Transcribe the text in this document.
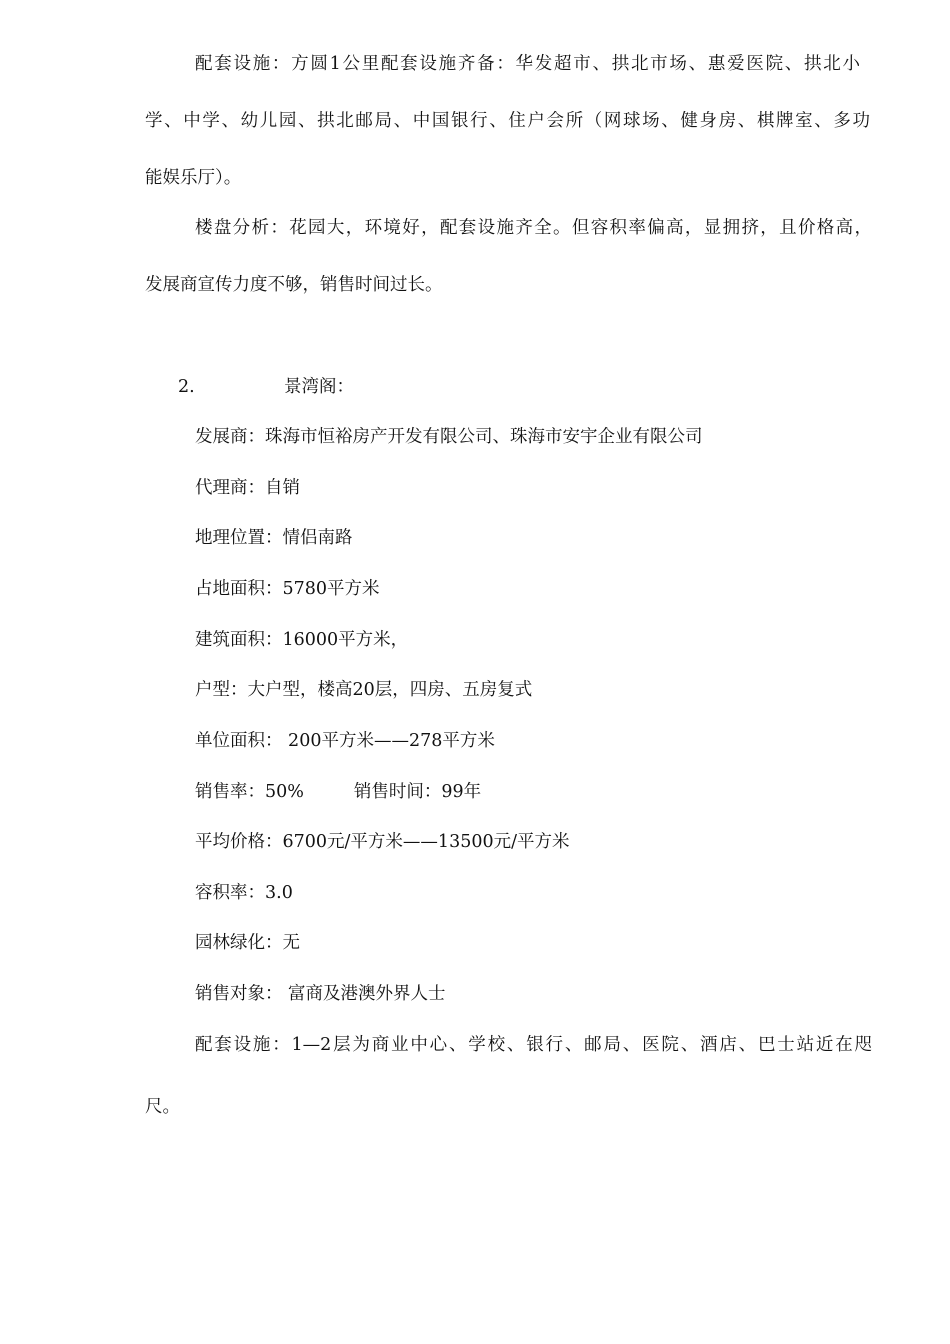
配套设施：方圆1公里配套设施齐备：华发超市、拱北市场、惠爱医院、拱北小
学、中学、幼儿园、拱北邮局、中国银行、住户会所（网球场、健身房、棋牌室、多功
能娱乐厅）。
楼盘分析：花园大，环境好，配套设施齐全。但容积率偏高，显拥挤，且价格高，
发展商宣传力度不够，销售时间过长。
2.	景湾阁：
发展商：珠海市恒裕房产开发有限公司、珠海市安宇企业有限公司
代理商：自销
地理位置：情侣南路
占地面积：5780平方米
建筑面积：16000平方米，
户型：大户型，楼高20层，四房、五房复式
单位面积： 200平方米——278平方米
销售率：50%	销售时间：99年
平均价格：6700元/平方米——13500元/平方米
容积率：3.0
园林绿化：无
销售对象： 富商及港澳外界人士
配套设施：1—2层为商业中心、学校、银行、邮局、医院、酒店、巴士站近在咫
尺。
